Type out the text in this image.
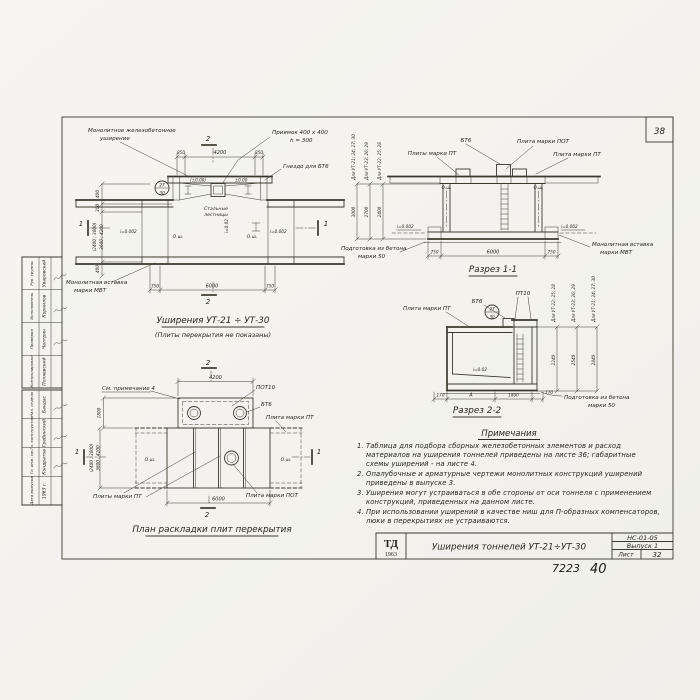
38
ТД
1963
Уширения тоннелей УТ-21÷УТ-30
НС-01-05
Выпуск 1
Лист	32
Рук. группы Уваровский
Исполнитель Корнилов
Проверил Чалтрин
Контролировал Поляевский
Нач. отдела Бандас
Гл. конструктор Гребинский
Гл. инж. пр. Кондратов
Дата выпуска 1963 г.
27
30
(±0.00)	±0.00
Стальные
лестницы
i=0.02
i=0.002	i=0.002
О.ш.	О.ш.
Монолитное железобетонное
уширение
Приямок 400 x 400
h = 300
Гнездо для БТ6
Монолитная вставка
марки МВТ
850	4200	850
400
300
(2400 ; 3000) 3600 ; 4200
400
750	6000	750
2
2
1	1
Уширения УТ-21 ÷ УТ-30
(Плиты перекрытия не показаны)
О.ш.	О.ш.
i=0.002	i=0.002
БТ6	Плита марки ПОТ
Плиты марки ПТ	Плита марки ПТ
Монолитная вставка
марки МВТ
Подготовка из бетона
марки 50
750	6000	750
Для УТ-21; 24; 27; 30
3000
Для УТ-23; 26; 29
2700
Для УТ-22; 25; 28
2400
Разрез 1-1
i=0.02
Плита марки ПТ
БТ6
27
30
ПТ10
Подготовка из бетона
марки 50
170	А	1800	170
Для УТ-22; 25; 28
2240
Для УТ-23; 26; 29
2540
Для УТ-21; 24; 27; 30
2840
Разрез 2-2
О.ш.	О.ш.
См. примечание 4	ПОТ10
БТ6
Плита марки ПТ
Плиты марки ПТ	Плита марки ПОТ
4200
1800
(2400 ; 3000) 3600 ; 4200
6000
2
2
1	1
План раскладки плит перекрытия
Примечания
1. Таблица для подбора сборных железобетонных элементов и расход материалов на уширения тоннелей приведены на листе 36; габаритные схемы уширений - на листе 4.
2. Опалубочные и арматурные чертежи монолитных конструкций уширений приведены в выпуске 3.
3. Уширения могут устраиваться в обе стороны от оси тоннеля с применением конструкций, приведенных на данном листе.
4. При использовании уширений в качестве ниш для П-образных компенсаторов, люки в перекрытиях не устраиваются.
7223 40
